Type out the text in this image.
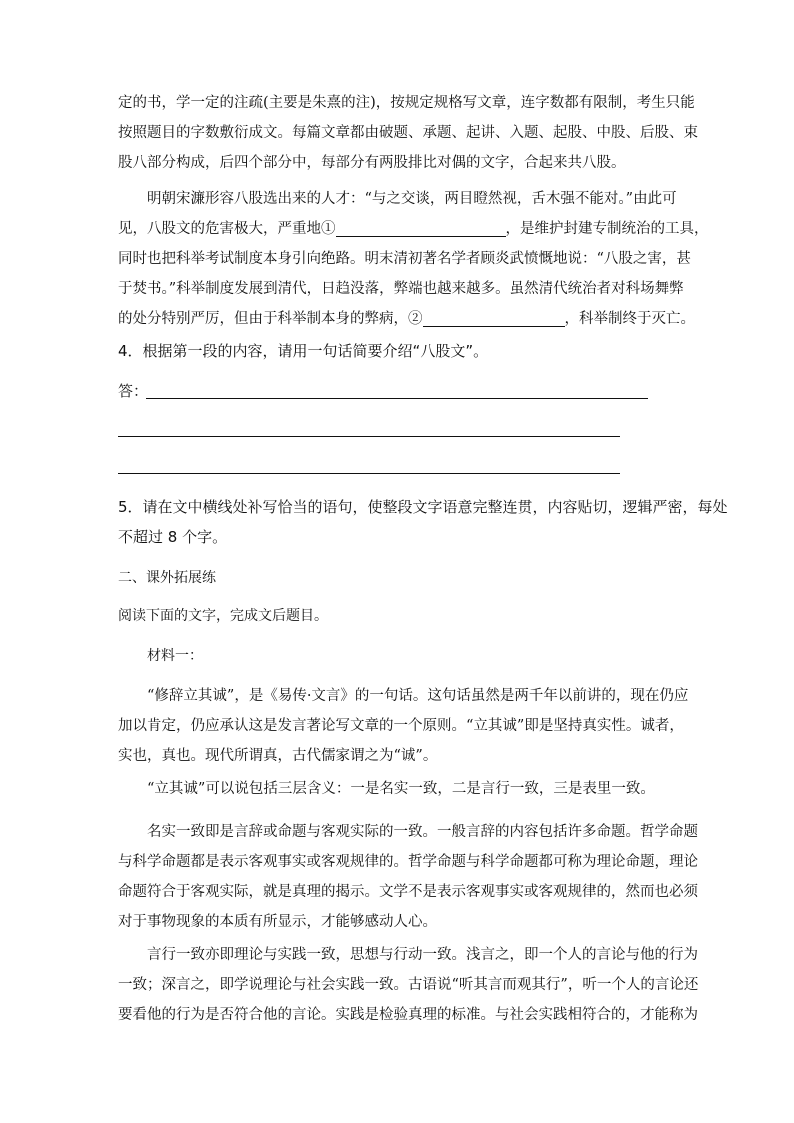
定的书，学一定的注疏(主要是朱熹的注)，按规定规格写文章，连字数都有限制，考生只能
按照题目的字数敷衍成文。每篇文章都由破题、承题、起讲、入题、起股、中股、后股、束
股八部分构成，后四个部分中，每部分有两股排比对偶的文字，合起来共八股。
明朝宋濂形容八股选出来的人才：“与之交谈，两目瞪然视，舌木强不能对。”由此可
见，八股文的危害极大，严重地①	，是维护封建专制统治的工具，
同时也把科举考试制度本身引向绝路。明末清初著名学者顾炎武愤慨地说：“八股之害，甚
于焚书。”科举制度发展到清代，日趋没落，弊端也越来越多。虽然清代统治者对科场舞弊
的处分特别严厉，但由于科举制本身的弊病，②	，科举制终于灭亡。
4．根据第一段的内容，请用一句话简要介绍“八股文”。
答：
5．请在文中横线处补写恰当的语句，使整段文字语意完整连贯，内容贴切，逻辑严密，每处
不超过 8 个字。
二、课外拓展练
阅读下面的文字，完成文后题目。
材料一：
“修辞立其诚”，是《易传·文言》的一句话。这句话虽然是两千年以前讲的，现在仍应
加以肯定，仍应承认这是发言著论写文章的一个原则。“立其诚”即是坚持真实性。诚者，
实也，真也。现代所谓真，古代儒家谓之为“诚”。
“立其诚”可以说包括三层含义：一是名实一致，二是言行一致，三是表里一致。
名实一致即是言辞或命题与客观实际的一致。一般言辞的内容包括许多命题。哲学命题
与科学命题都是表示客观事实或客观规律的。哲学命题与科学命题都可称为理论命题，理论
命题符合于客观实际，就是真理的揭示。文学不是表示客观事实或客观规律的，然而也必须
对于事物现象的本质有所显示，才能够感动人心。
言行一致亦即理论与实践一致，思想与行动一致。浅言之，即一个人的言论与他的行为
一致；深言之，即学说理论与社会实践一致。古语说“听其言而观其行”，听一个人的言论还
要看他的行为是否符合他的言论。实践是检验真理的标准。与社会实践相符合的，才能称为
